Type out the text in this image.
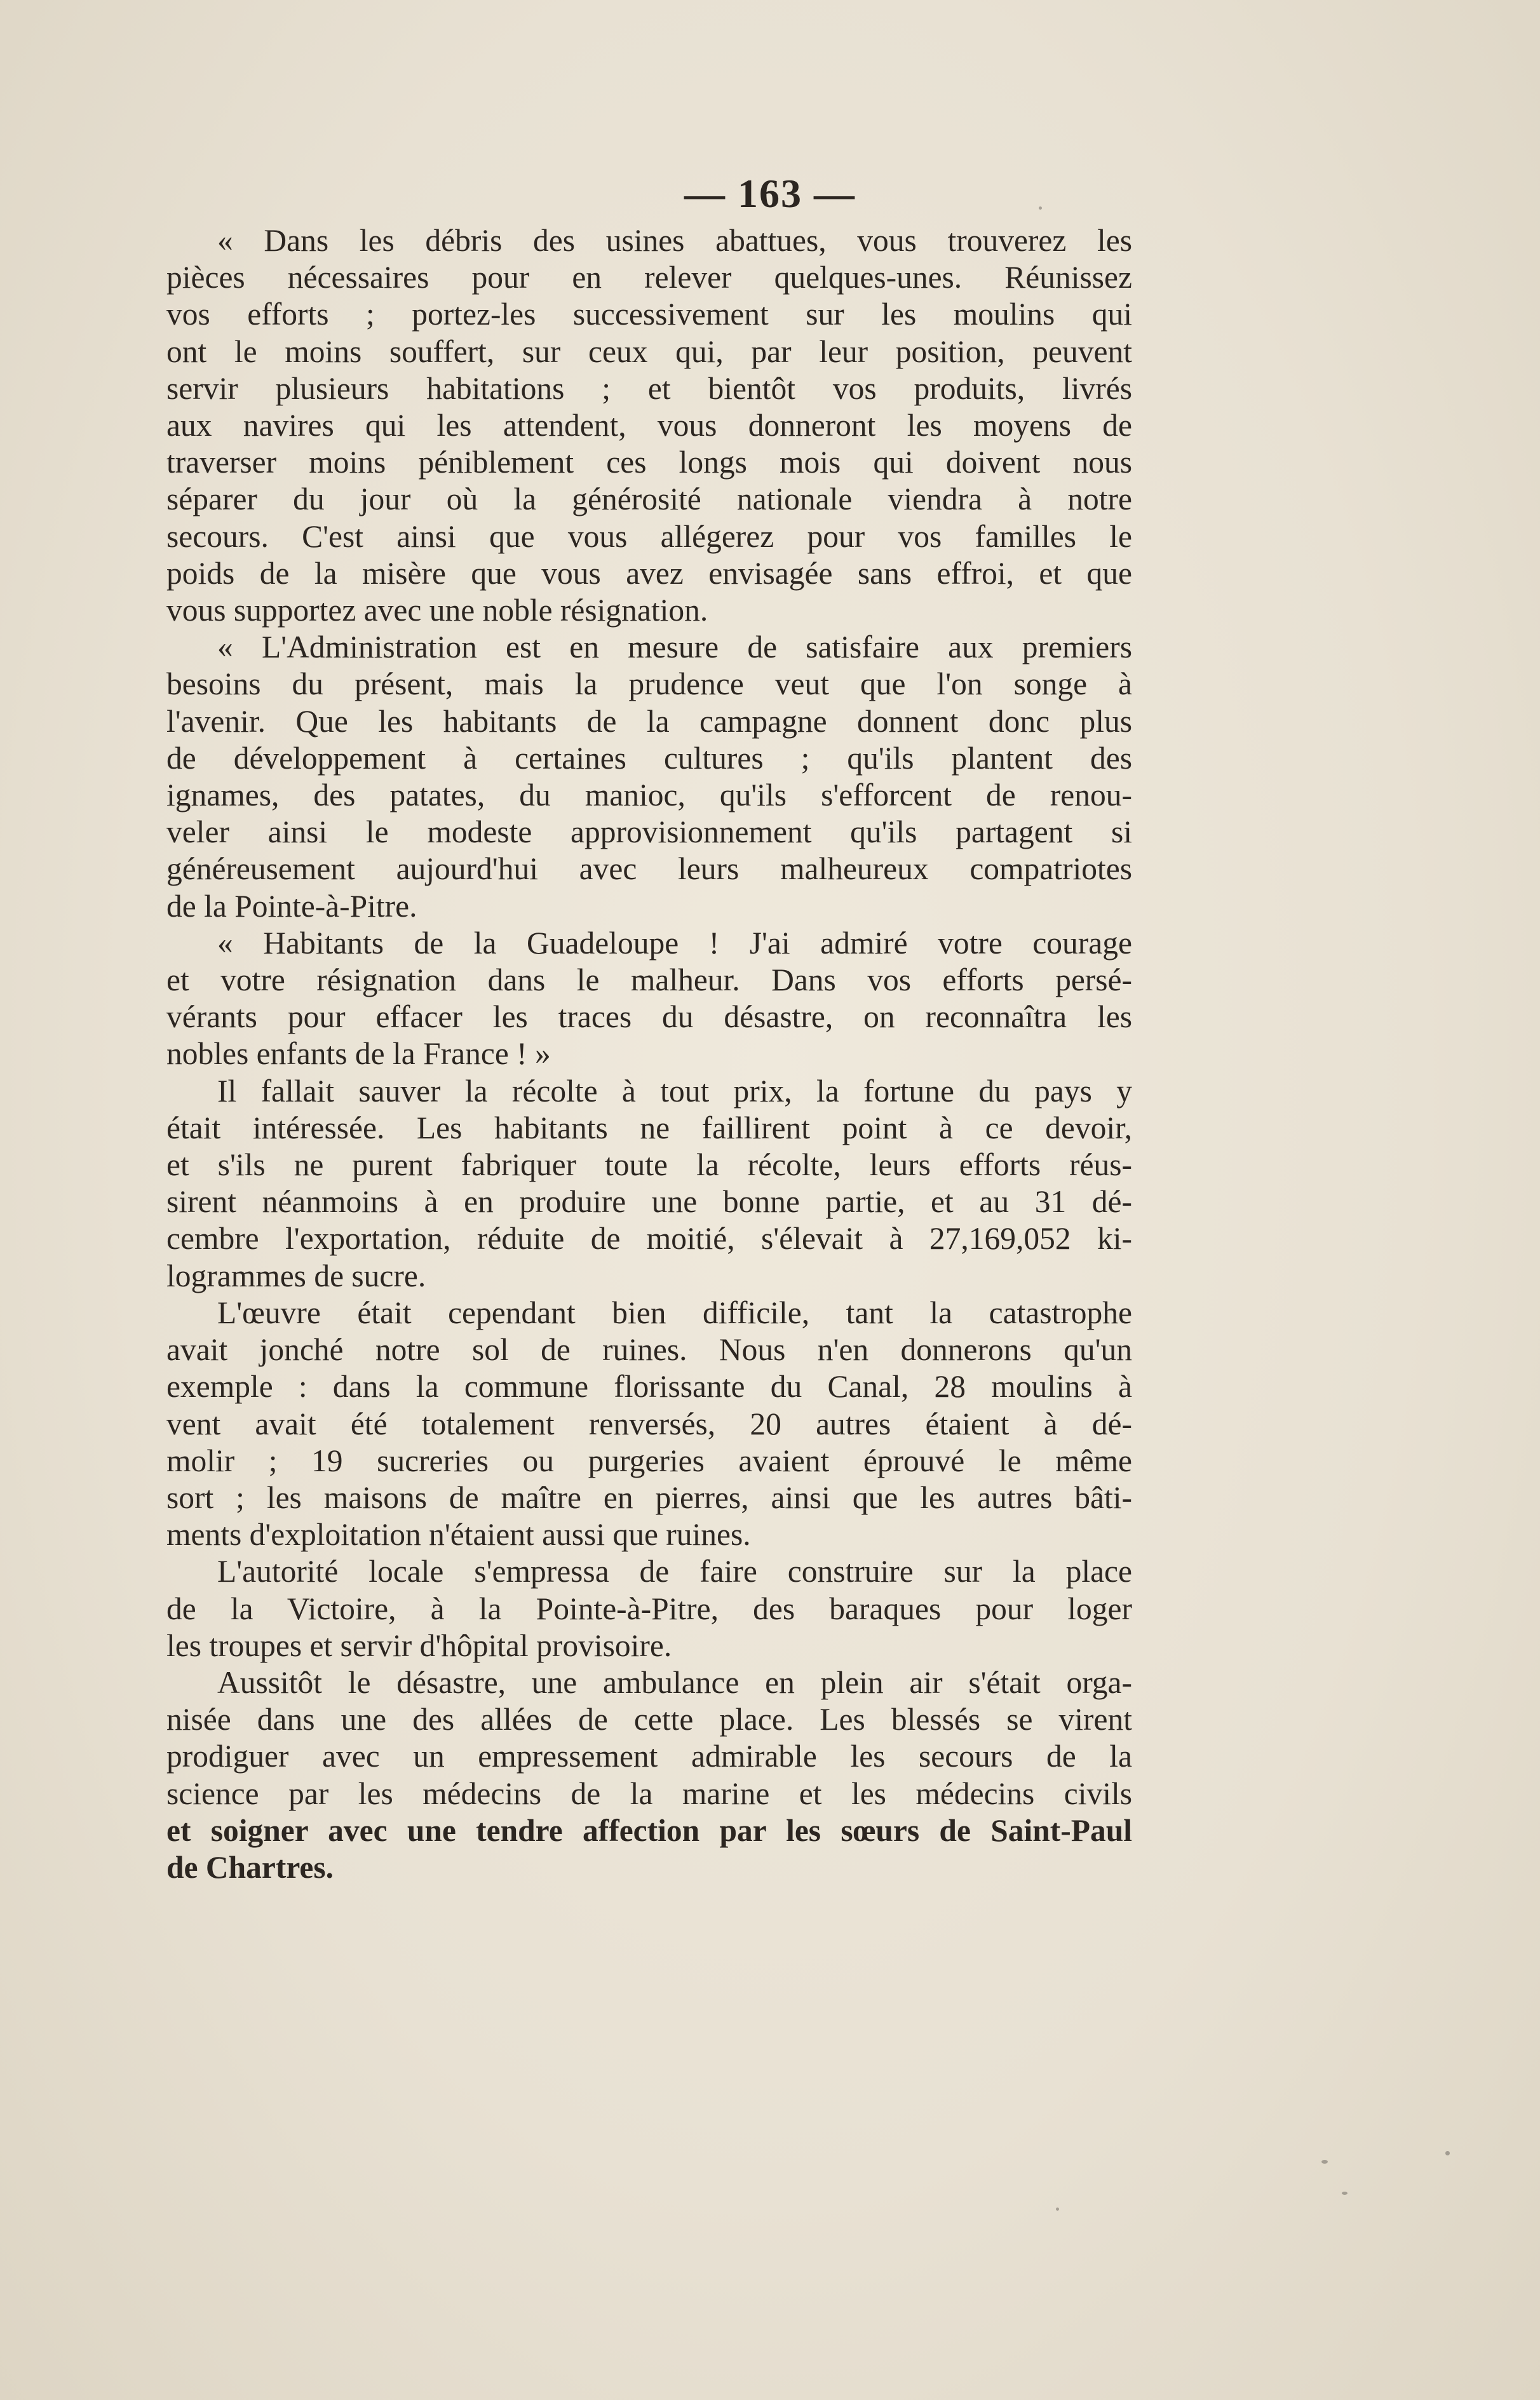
— 163 —
« Dans les débris des usines abattues, vous trouverez les
pièces nécessaires pour en relever quelques-unes. Réunissez
vos efforts ; portez-les successivement sur les moulins qui
ont le moins souffert, sur ceux qui, par leur position, peuvent
servir plusieurs habitations ; et bientôt vos produits, livrés
aux navires qui les attendent, vous donneront les moyens de
traverser moins péniblement ces longs mois qui doivent nous
séparer du jour où la générosité nationale viendra à notre
secours. C'est ainsi que vous allégerez pour vos familles le
poids de la misère que vous avez envisagée sans effroi, et que
vous supportez avec une noble résignation.
« L'Administration est en mesure de satisfaire aux premiers
besoins du présent, mais la prudence veut que l'on songe à
l'avenir. Que les habitants de la campagne donnent donc plus
de développement à certaines cultures ; qu'ils plantent des
ignames, des patates, du manioc, qu'ils s'efforcent de renou-
veler ainsi le modeste approvisionnement qu'ils partagent si
généreusement aujourd'hui avec leurs malheureux compatriotes
de la Pointe-à-Pitre.
« Habitants de la Guadeloupe ! J'ai admiré votre courage
et votre résignation dans le malheur. Dans vos efforts persé-
vérants pour effacer les traces du désastre, on reconnaîtra les
nobles enfants de la France ! »
Il fallait sauver la récolte à tout prix, la fortune du pays y
était intéressée. Les habitants ne faillirent point à ce devoir,
et s'ils ne purent fabriquer toute la récolte, leurs efforts réus-
sirent néanmoins à en produire une bonne partie, et au 31 dé-
cembre l'exportation, réduite de moitié, s'élevait à 27,169,052 ki-
logrammes de sucre.
L'œuvre était cependant bien difficile, tant la catastrophe
avait jonché notre sol de ruines. Nous n'en donnerons qu'un
exemple : dans la commune florissante du Canal, 28 moulins à
vent avait été totalement renversés, 20 autres étaient à dé-
molir ; 19 sucreries ou purgeries avaient éprouvé le même
sort ; les maisons de maître en pierres, ainsi que les autres bâti-
ments d'exploitation n'étaient aussi que ruines.
L'autorité locale s'empressa de faire construire sur la place
de la Victoire, à la Pointe-à-Pitre, des baraques pour loger
les troupes et servir d'hôpital provisoire.
Aussitôt le désastre, une ambulance en plein air s'était orga-
nisée dans une des allées de cette place. Les blessés se virent
prodiguer avec un empressement admirable les secours de la
science par les médecins de la marine et les médecins civils
et soigner avec une tendre affection par les sœurs de Saint-Paul
de Chartres.
